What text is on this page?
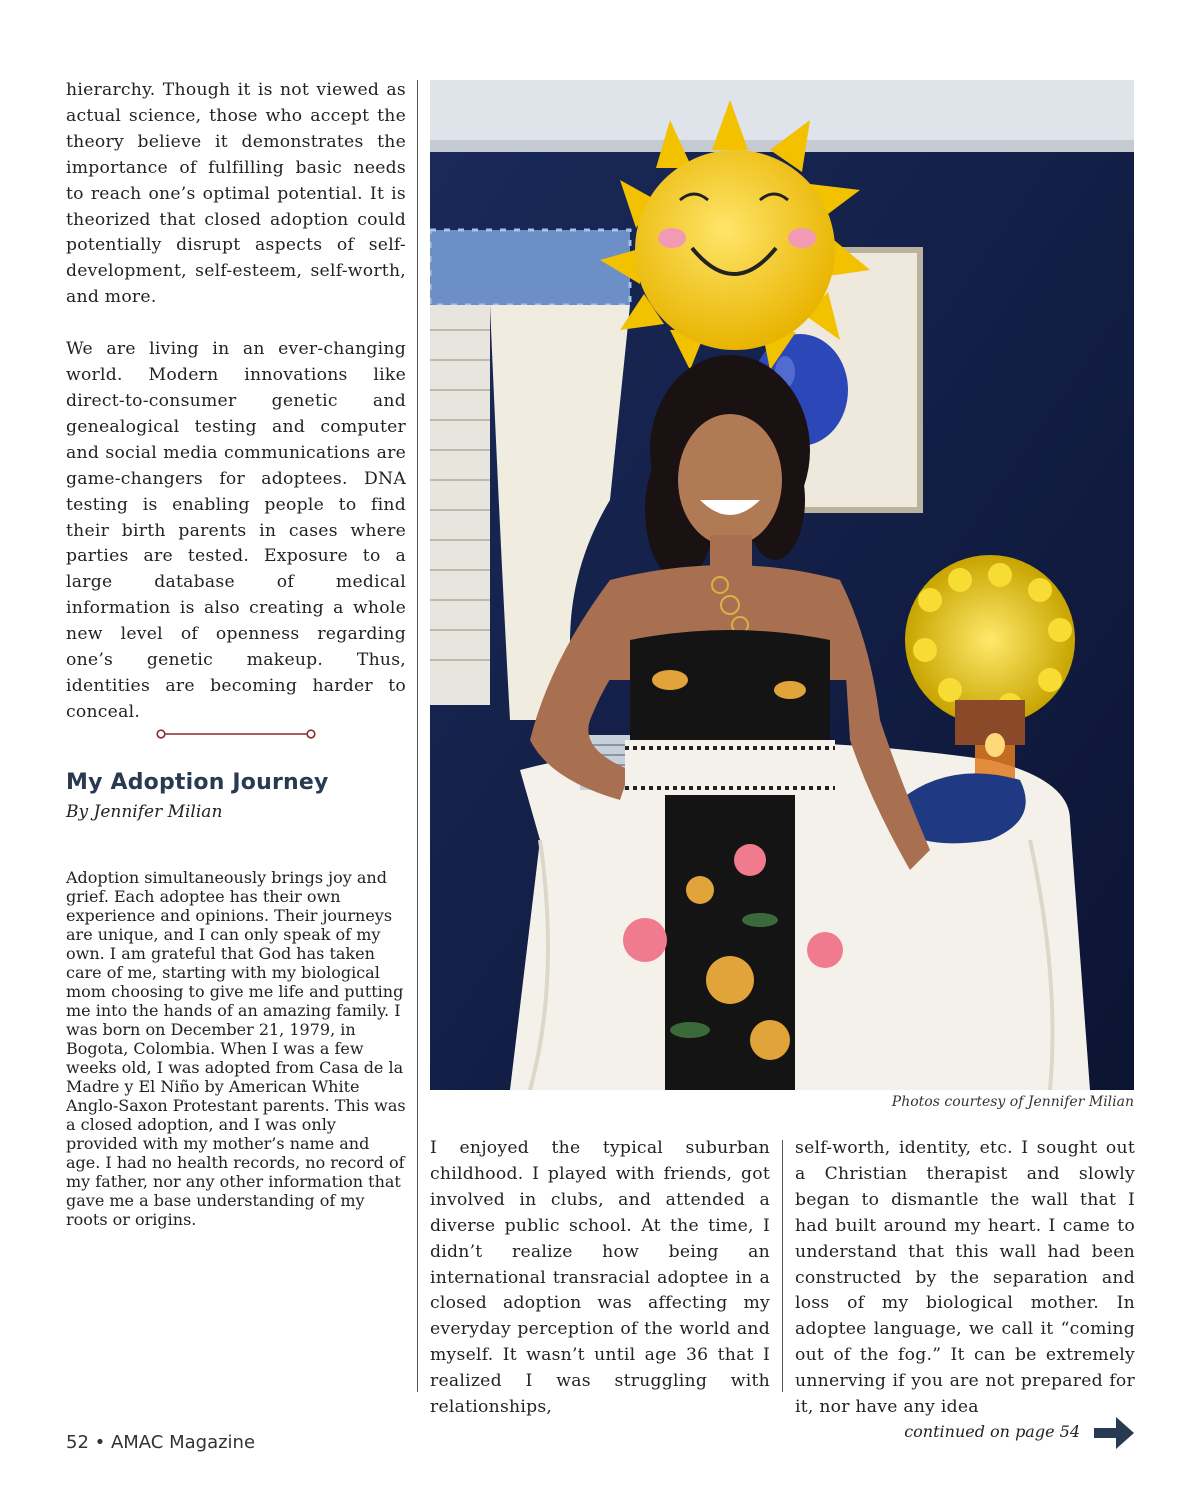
hierarchy. Though it is not viewed as actual science, those who accept the theory believe it demonstrates the importance of fulfilling basic needs to reach one’s optimal potential. It is theorized that closed adoption could potentially disrupt aspects of self-development, self-esteem, self-worth, and more.

We are living in an ever-changing world. Modern innovations like direct-to-consumer genetic and genealogical testing and computer and social media communications are game-changers for adoptees. DNA testing is enabling people to find their birth parents in cases where parties are tested. Exposure to a large database of medical information is also creating a whole new level of openness regarding one’s genetic makeup. Thus, identities are becoming harder to conceal.

My Adoption Journey

By Jennifer Milian

Adoption simultaneously brings joy and grief. Each adoptee has their own experience and opinions. Their journeys are unique, and I can only speak of my own. I am grateful that God has taken care of me, starting with my biological mom choosing to give me life and putting me into the hands of an amazing family. I was born on December 21, 1979, in Bogota, Colombia. When I was a few weeks old, I was adopted from Casa de la Madre y El Niño by American White Anglo-Saxon Protestant parents. This was a closed adoption, and I was only provided with my mother’s name and age. I had no health records, no record of my father, nor any other information that gave me a base understanding of my roots or origins.

Photos courtesy of Jennifer Milian

I enjoyed the typical suburban childhood. I played with friends, got involved in clubs, and attended a diverse public school. At the time, I didn’t realize how being an international transracial adoptee in a closed adoption was affecting my everyday perception of the world and myself. It wasn’t until age 36 that I realized I was struggling with relationships,

self-worth, identity, etc. I sought out a Christian therapist and slowly began to dismantle the wall that I had built around my heart. I came to understand that this wall had been constructed by the separation and loss of my biological mother. In adoptee language, we call it “coming out of the fog.” It can be extremely unnerving if you are not prepared for it, nor have any idea

continued on page 54

52 • AMAC Magazine
